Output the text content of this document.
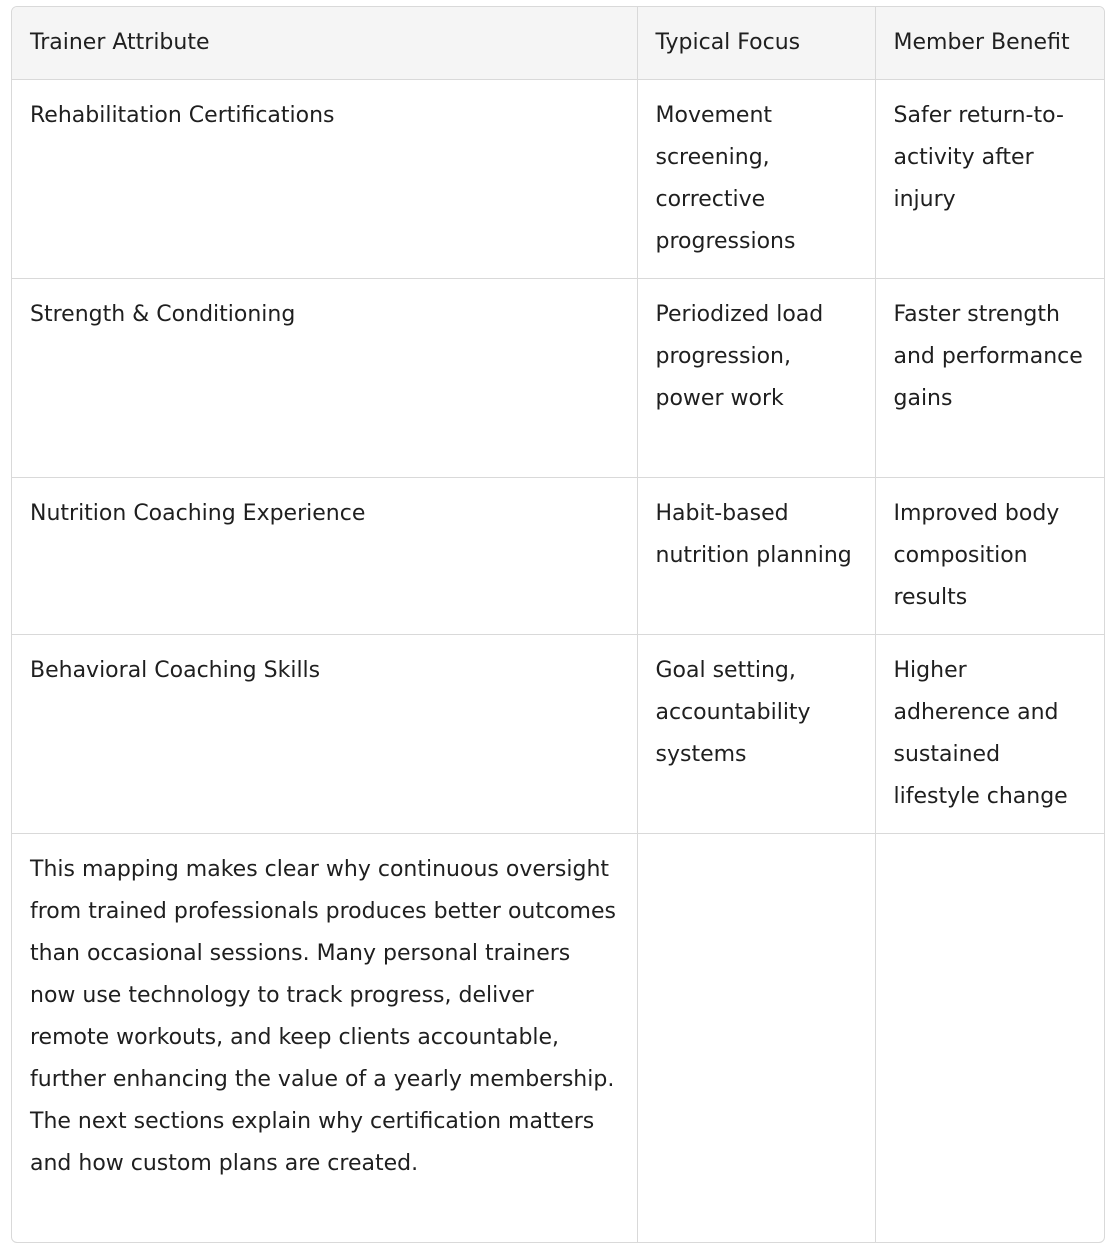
Trainer Attribute	Typical Focus	Member Benefit
Rehabilitation Certifications	Movement screening, corrective progressions	Safer return-to-activity after injury
Strength & Conditioning	Periodized load progression, power work	Faster strength and performance gains
Nutrition Coaching Experience	Habit-based nutrition planning	Improved body composition results
Behavioral Coaching Skills	Goal setting, accountability systems	Higher adherence and sustained lifestyle change
This mapping makes clear why continuous oversight from trained professionals produces better outcomes than occasional sessions. Many personal trainers now use technology to track progress, deliver remote workouts, and keep clients accountable, further enhancing the value of a yearly membership. The next sections explain why certification matters and how custom plans are created.		
